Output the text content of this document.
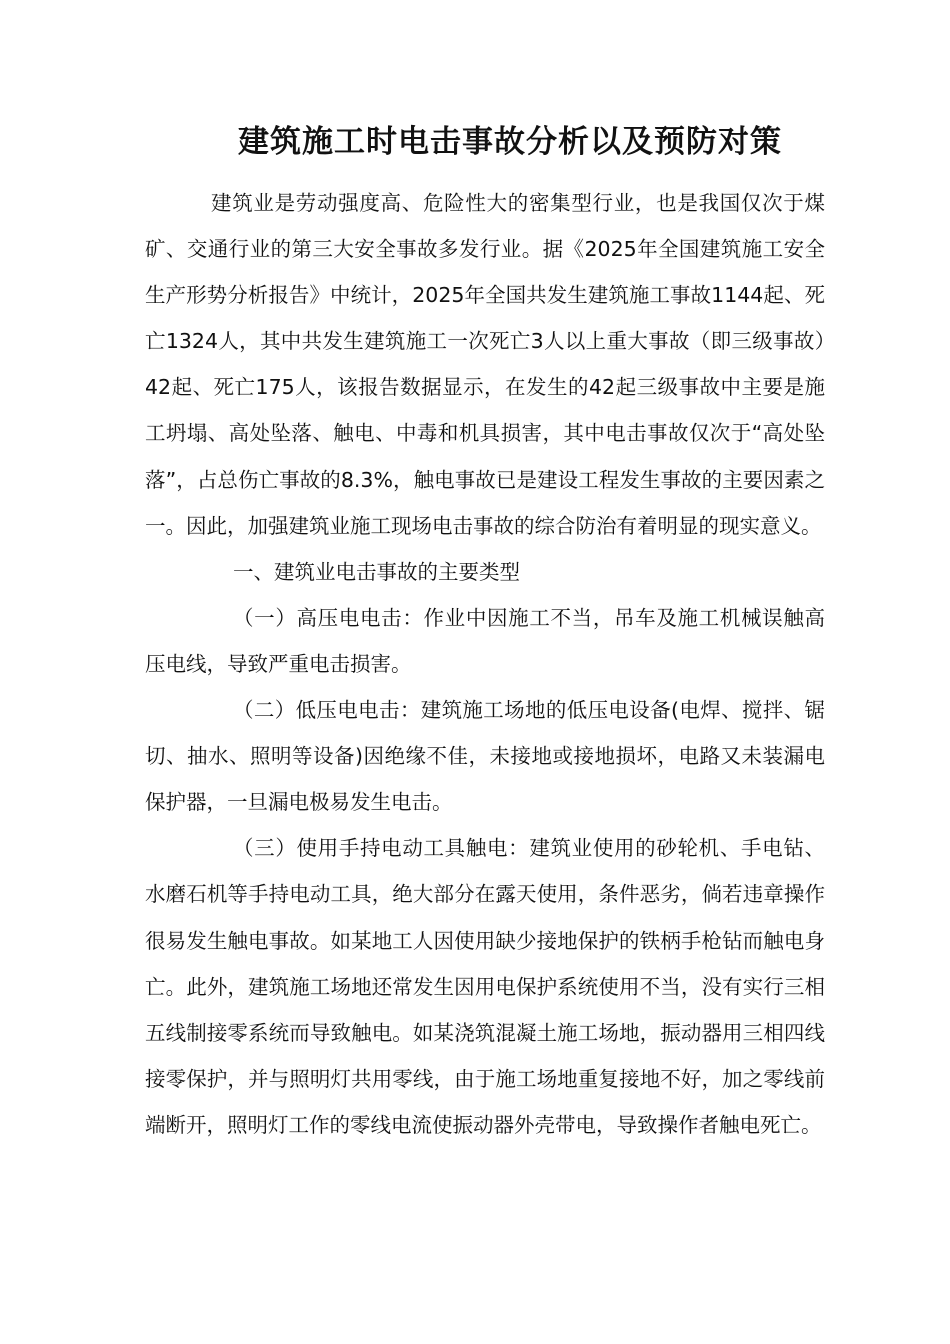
建筑施工时电击事故分析以及预防对策

建筑业是劳动强度高、危险性大的密集型行业，也是我国仅次于煤矿、交通行业的第三大安全事故多发行业。据《2025年全国建筑施工安全生产形势分析报告》中统计，2025年全国共发生建筑施工事故1144起、死亡1324人，其中共发生建筑施工一次死亡3人以上重大事故（即三级事故）42起、死亡175人，该报告数据显示，在发生的42起三级事故中主要是施工坍塌、高处坠落、触电、中毒和机具损害，其中电击事故仅次于“高处坠落”，占总伤亡事故的8.3%，触电事故已是建设工程发生事故的主要因素之一。因此，加强建筑业施工现场电击事故的综合防治有着明显的现实意义。

一、建筑业电击事故的主要类型

（一）高压电电击：作业中因施工不当，吊车及施工机械误触高压电线，导致严重电击损害。

（二）低压电电击：建筑施工场地的低压电设备(电焊、搅拌、锯切、抽水、照明等设备)因绝缘不佳，未接地或接地损坏，电路又未装漏电保护器，一旦漏电极易发生电击。

（三）使用手持电动工具触电：建筑业使用的砂轮机、手电钻、水磨石机等手持电动工具，绝大部分在露天使用，条件恶劣，倘若违章操作很易发生触电事故。如某地工人因使用缺少接地保护的铁柄手枪钻而触电身亡。此外，建筑施工场地还常发生因用电保护系统使用不当，没有实行三相五线制接零系统而导致触电。如某浇筑混凝土施工场地，振动器用三相四线接零保护，并与照明灯共用零线，由于施工场地重复接地不好，加之零线前端断开，照明灯工作的零线电流使振动器外壳带电，导致操作者触电死亡。
